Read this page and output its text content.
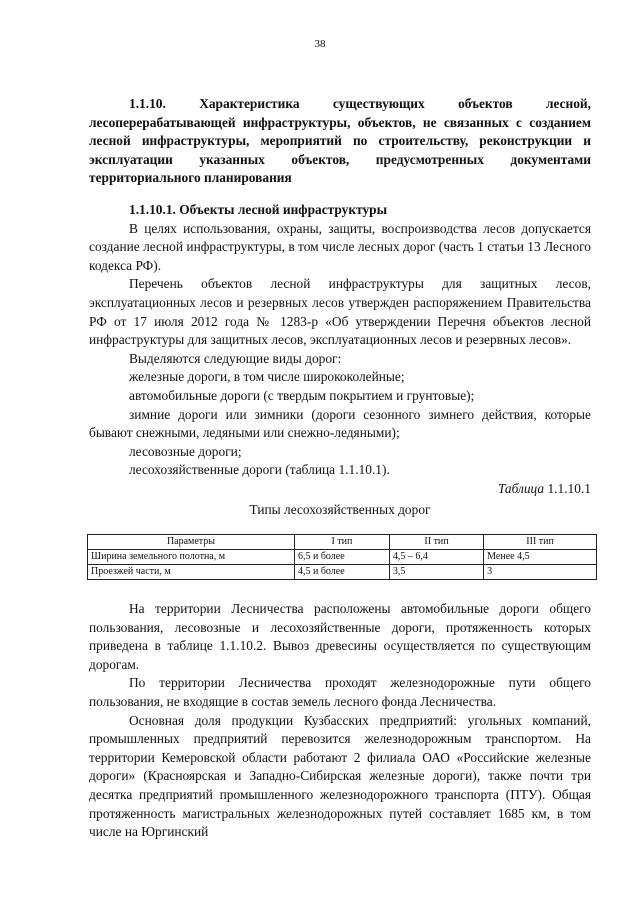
38
1.1.10. Характеристика существующих объектов лесной, лесоперерабатывающей инфраструктуры, объектов, не связанных с созданием лесной инфраструктуры, мероприятий по строительству, реконструкции и эксплуатации указанных объектов, предусмотренных документами территориального планирования
1.1.10.1. Объекты лесной инфраструктуры

В целях использования, охраны, защиты, воспроизводства лесов допускается создание лесной инфраструктуры, в том числе лесных дорог (часть 1 статьи 13 Лесного кодекса РФ).

Перечень объектов лесной инфраструктуры для защитных лесов, эксплуатационных лесов и резервных лесов утвержден распоряжением Правительства РФ от 17 июля 2012 года № 1283-р «Об утверждении Перечня объектов лесной инфраструктуры для защитных лесов, эксплуатационных лесов и резервных лесов».

Выделяются следующие виды дорог:
железные дороги, в том числе ширококолейные;
автомобильные дороги (с твердым покрытием и грунтовые);

зимние дороги или зимники (дороги сезонного зимнего действия, которые бывают снежными, ледяными или снежно-ледяными);

лесовозные дороги;
лесохозяйственные дороги (таблица 1.1.10.1).
Таблица 1.1.10.1
Типы лесохозяйственных дорог
Параметры	I тип	II тип	III тип
Ширина земельного полотна, м	6,5 и более	4,5 – 6,4	Менее 4,5
Проезжей части, м	4,5 и более	3,5	3

На территории Лесничества расположены автомобильные дороги общего пользования, лесовозные и лесохозяйственные дороги, протяженность которых приведена в таблице 1.1.10.2. Вывоз древесины осуществляется по существующим дорогам.

По территории Лесничества проходят железнодорожные пути общего пользования, не входящие в состав земель лесного фонда Лесничества.

Основная доля продукции Кузбасских предприятий: угольных компаний, промышленных предприятий перевозится железнодорожным транспортом. На территории Кемеровской области работают 2 филиала ОАО «Российские железные дороги» (Красноярская и Западно-Сибирская железные дороги), также почти три десятка предприятий промышленного железнодорожного транспорта (ПТУ). Общая протяженность магистральных железнодорожных путей составляет 1685 км, в том числе на Юргинский
